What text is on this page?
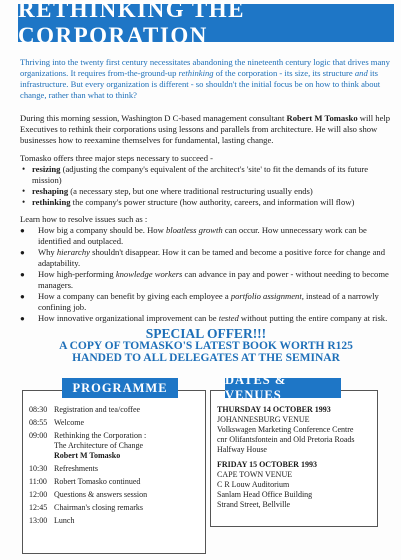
RETHINKING THE CORPORATION
Thriving into the twenty first century necessitates abandoning the nineteenth century logic that drives many organizations. It requires from-the-ground-up rethinking of the corporation - its size, its structure and its infrastructure. But every organization is different - so shouldn't the initial focus be on how to think about change, rather than what to think?
During this morning session, Washington D C-based management consultant Robert M Tomasko will help Executives to rethink their corporations using lessons and parallels from architecture. He will also show businesses how to reexamine themselves for fundamental, lasting change.
Tomasko offers three major steps necessary to succeed -
• resizing (adjusting the company's equivalent of the architect's 'site' to fit the demands of its future mission)
• reshaping (a necessary step, but one where traditional restructuring usually ends)
• rethinking the company's power structure (how authority, careers, and information will flow)
Learn how to resolve issues such as :
● How big a company should be. How bloatless growth can occur. How unnecessary work can be identified and outplaced.
● Why hierarchy shouldn't disappear. How it can be tamed and become a positive force for change and adaptability.
● How high-performing knowledge workers can advance in pay and power - without needing to become managers.
● How a company can benefit by giving each employee a portfolio assignment, instead of a narrowly confining job.
● How innovative organizational improvement can be tested without putting the entire company at risk.
SPECIAL OFFER!!!
A COPY OF TOMASKO'S LATEST BOOK WORTH R125
HANDED TO ALL DELEGATES AT THE SEMINAR
08:30 Registration and tea/coffee
08:55 Welcome
09:00 Rethinking the Corporation :
The Architecture of Change
Robert M Tomasko
10:30 Refreshments
11:00 Robert Tomasko continued
12:00 Questions & answers session
12:45 Chairman's closing remarks
13:00 Lunch
PROGRAMME
THURSDAY 14 OCTOBER 1993
JOHANNESBURG VENUE
Volkswagen Marketing Conference Centre
cnr Olifantsfontein and Old Pretoria Roads
Halfway House
FRIDAY 15 OCTOBER 1993
CAPE TOWN VENUE
C R Louw Auditorium
Sanlam Head Office Building
Strand Street, Bellville
DATES & VENUES
